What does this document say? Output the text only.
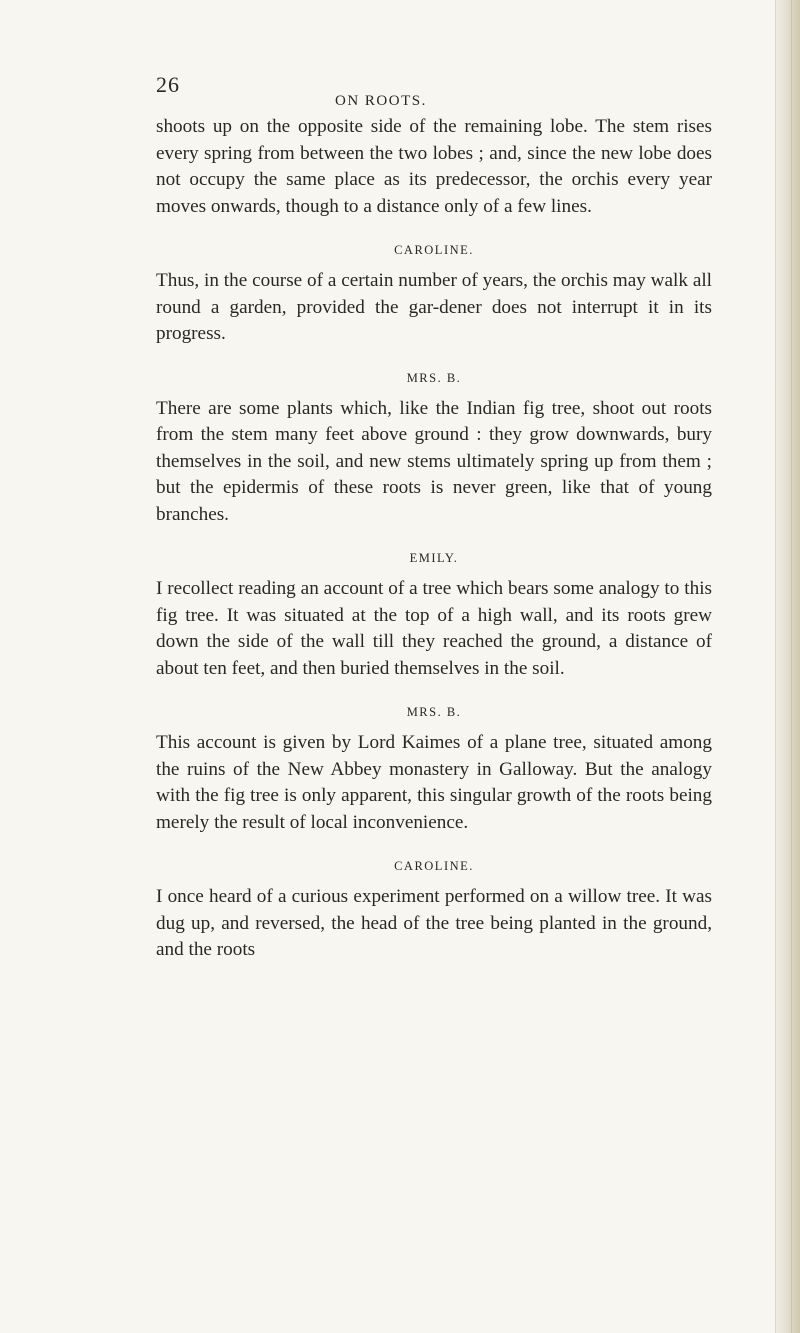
26
ON ROOTS.

shoots up on the opposite side of the remaining lobe. The stem rises every spring from between the two lobes ; and, since the new lobe does not occupy the same place as its predecessor, the orchis every year moves onwards, though to a distance only of a few lines.

CAROLINE.

Thus, in the course of a certain number of years, the orchis may walk all round a garden, provided the gar-dener does not interrupt it in its progress.

MRS. B.

There are some plants which, like the Indian fig tree, shoot out roots from the stem many feet above ground : they grow downwards, bury themselves in the soil, and new stems ultimately spring up from them ; but the epidermis of these roots is never green, like that of young branches.

EMILY.

I recollect reading an account of a tree which bears some analogy to this fig tree. It was situated at the top of a high wall, and its roots grew down the side of the wall till they reached the ground, a distance of about ten feet, and then buried themselves in the soil.

MRS. B.

This account is given by Lord Kaimes of a plane tree, situated among the ruins of the New Abbey monastery in Galloway. But the analogy with the fig tree is only apparent, this singular growth of the roots being merely the result of local inconvenience.

CAROLINE.

I once heard of a curious experiment performed on a willow tree. It was dug up, and reversed, the head of the tree being planted in the ground, and the roots
